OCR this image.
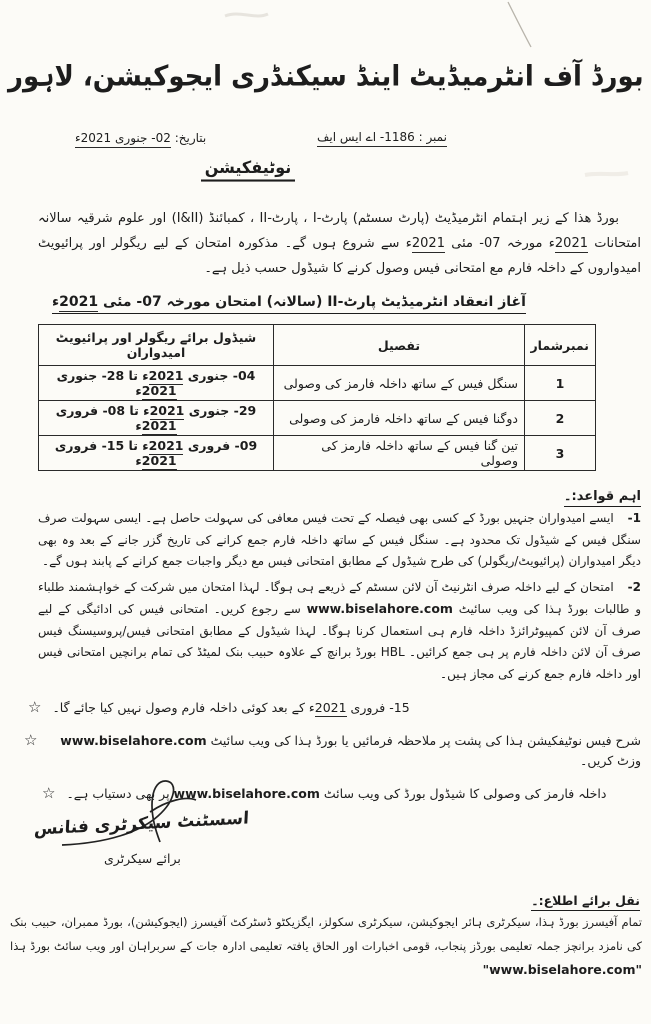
بورڈ آف انٹرمیڈیٹ اینڈ سیکنڈری ایجوکیشن، لاہور
نمبر : 1186- اے ایس ایف
بتاریخ: 02- جنوری 2021ء
نوٹیفکیشن

بورڈ ھذا کے زیر اہتمام انٹرمیڈیٹ (پارٹ سسٹم) پارٹ-I ، پارٹ-II ، کمبائنڈ (I&II) اور علوم شرقیہ سالانہ امتحانات 2021ء مورخہ 07- مئی 2021ء سے شروع ہوں گے۔ مذکورہ امتحان کے لیے ریگولر اور پرائیویٹ امیدواروں کے داخلہ فارم مع امتحانی فیس وصول کرنے کا شیڈول حسب ذیل ہے۔

آغاز انعقاد انٹرمیڈیٹ پارٹ-II (سالانہ) امتحان مورخہ 07- مئی 2021ء
نمبرشمار	تفصیل	شیڈول برائے ریگولر اور پرائیویٹ امیدواران
1	سنگل فیس کے ساتھ داخلہ فارمز کی وصولی	04- جنوری 2021ء تا 28- جنوری 2021ء
2	دوگنا فیس کے ساتھ داخلہ فارمز کی وصولی	29- جنوری 2021ء تا 08- فروری 2021ء
3	تین گنا فیس کے ساتھ داخلہ فارمز کی وصولی	09- فروری 2021ء تا 15- فروری 2021ء
اہم قواعد:۔

1- ایسے امیدواران جنہیں بورڈ کے کسی بھی فیصلہ کے تحت فیس معافی کی سہولت حاصل ہے۔ ایسی سہولت صرف سنگل فیس کے شیڈول تک محدود ہے۔ سنگل فیس کے ساتھ داخلہ فارم جمع کرانے کی تاریخ گزر جانے کے بعد وہ بھی دیگر امیدواران (پرائیویٹ/ریگولر) کی طرح شیڈول کے مطابق امتحانی فیس مع دیگر واجبات جمع کرانے کے پابند ہوں گے۔

2- امتحان کے لیے داخلہ صرف انٹرنیٹ آن لائن سسٹم کے ذریعے ہی ہوگا۔ لہذا امتحان میں شرکت کے خواہشمند طلباء و طالبات بورڈ ہذا کی ویب سائیٹ www.biselahore.com سے رجوع کریں۔ امتحانی فیس کی ادائیگی کے لیے صرف آن لائن کمپیوٹرائزڈ داخلہ فارم ہی استعمال کرنا ہوگا۔ لہذا شیڈول کے مطابق امتحانی فیس/پروسیسنگ فیس صرف آن لائن داخلہ فارم پر ہی جمع کرائیں۔ HBL بورڈ برانچ کے علاوہ حبیب بنک لمیٹڈ کی تمام برانچیں امتحانی فیس اور داخلہ فارم جمع کرنے کی مجاز ہیں۔

☆	15- فروری 2021ء کے بعد کوئی داخلہ فارم وصول نہیں کیا جائے گا۔
☆	شرح فیس نوٹیفکیشن ہذا کی پشت پر ملاحظہ فرمائیں یا بورڈ ہذا کی ویب سائیٹ www.biselahore.com وزٹ کریں۔
☆	داخلہ فارمز کی وصولی کا شیڈول بورڈ کی ویب سائٹ www.biselahore.com پر بھی دستیاب ہے۔
اسسٹنٹ سیکرٹری فنانس
برائے سیکرٹری
نقل برائے اطلاع:۔

تمام آفیسرز بورڈ ہذا، سیکرٹری ہائر ایجوکیشن، سیکرٹری سکولز، ایگزیکٹو ڈسٹرکٹ آفیسرز (ایجوکیشن)، بورڈ ممبران، حبیب بنک کی نامزد برانچز جملہ تعلیمی بورڈز پنجاب، قومی اخبارات اور الحاق یافتہ تعلیمی ادارہ جات کے سربراہان اور ویب سائٹ بورڈ ہذا "www.biselahore.com"
